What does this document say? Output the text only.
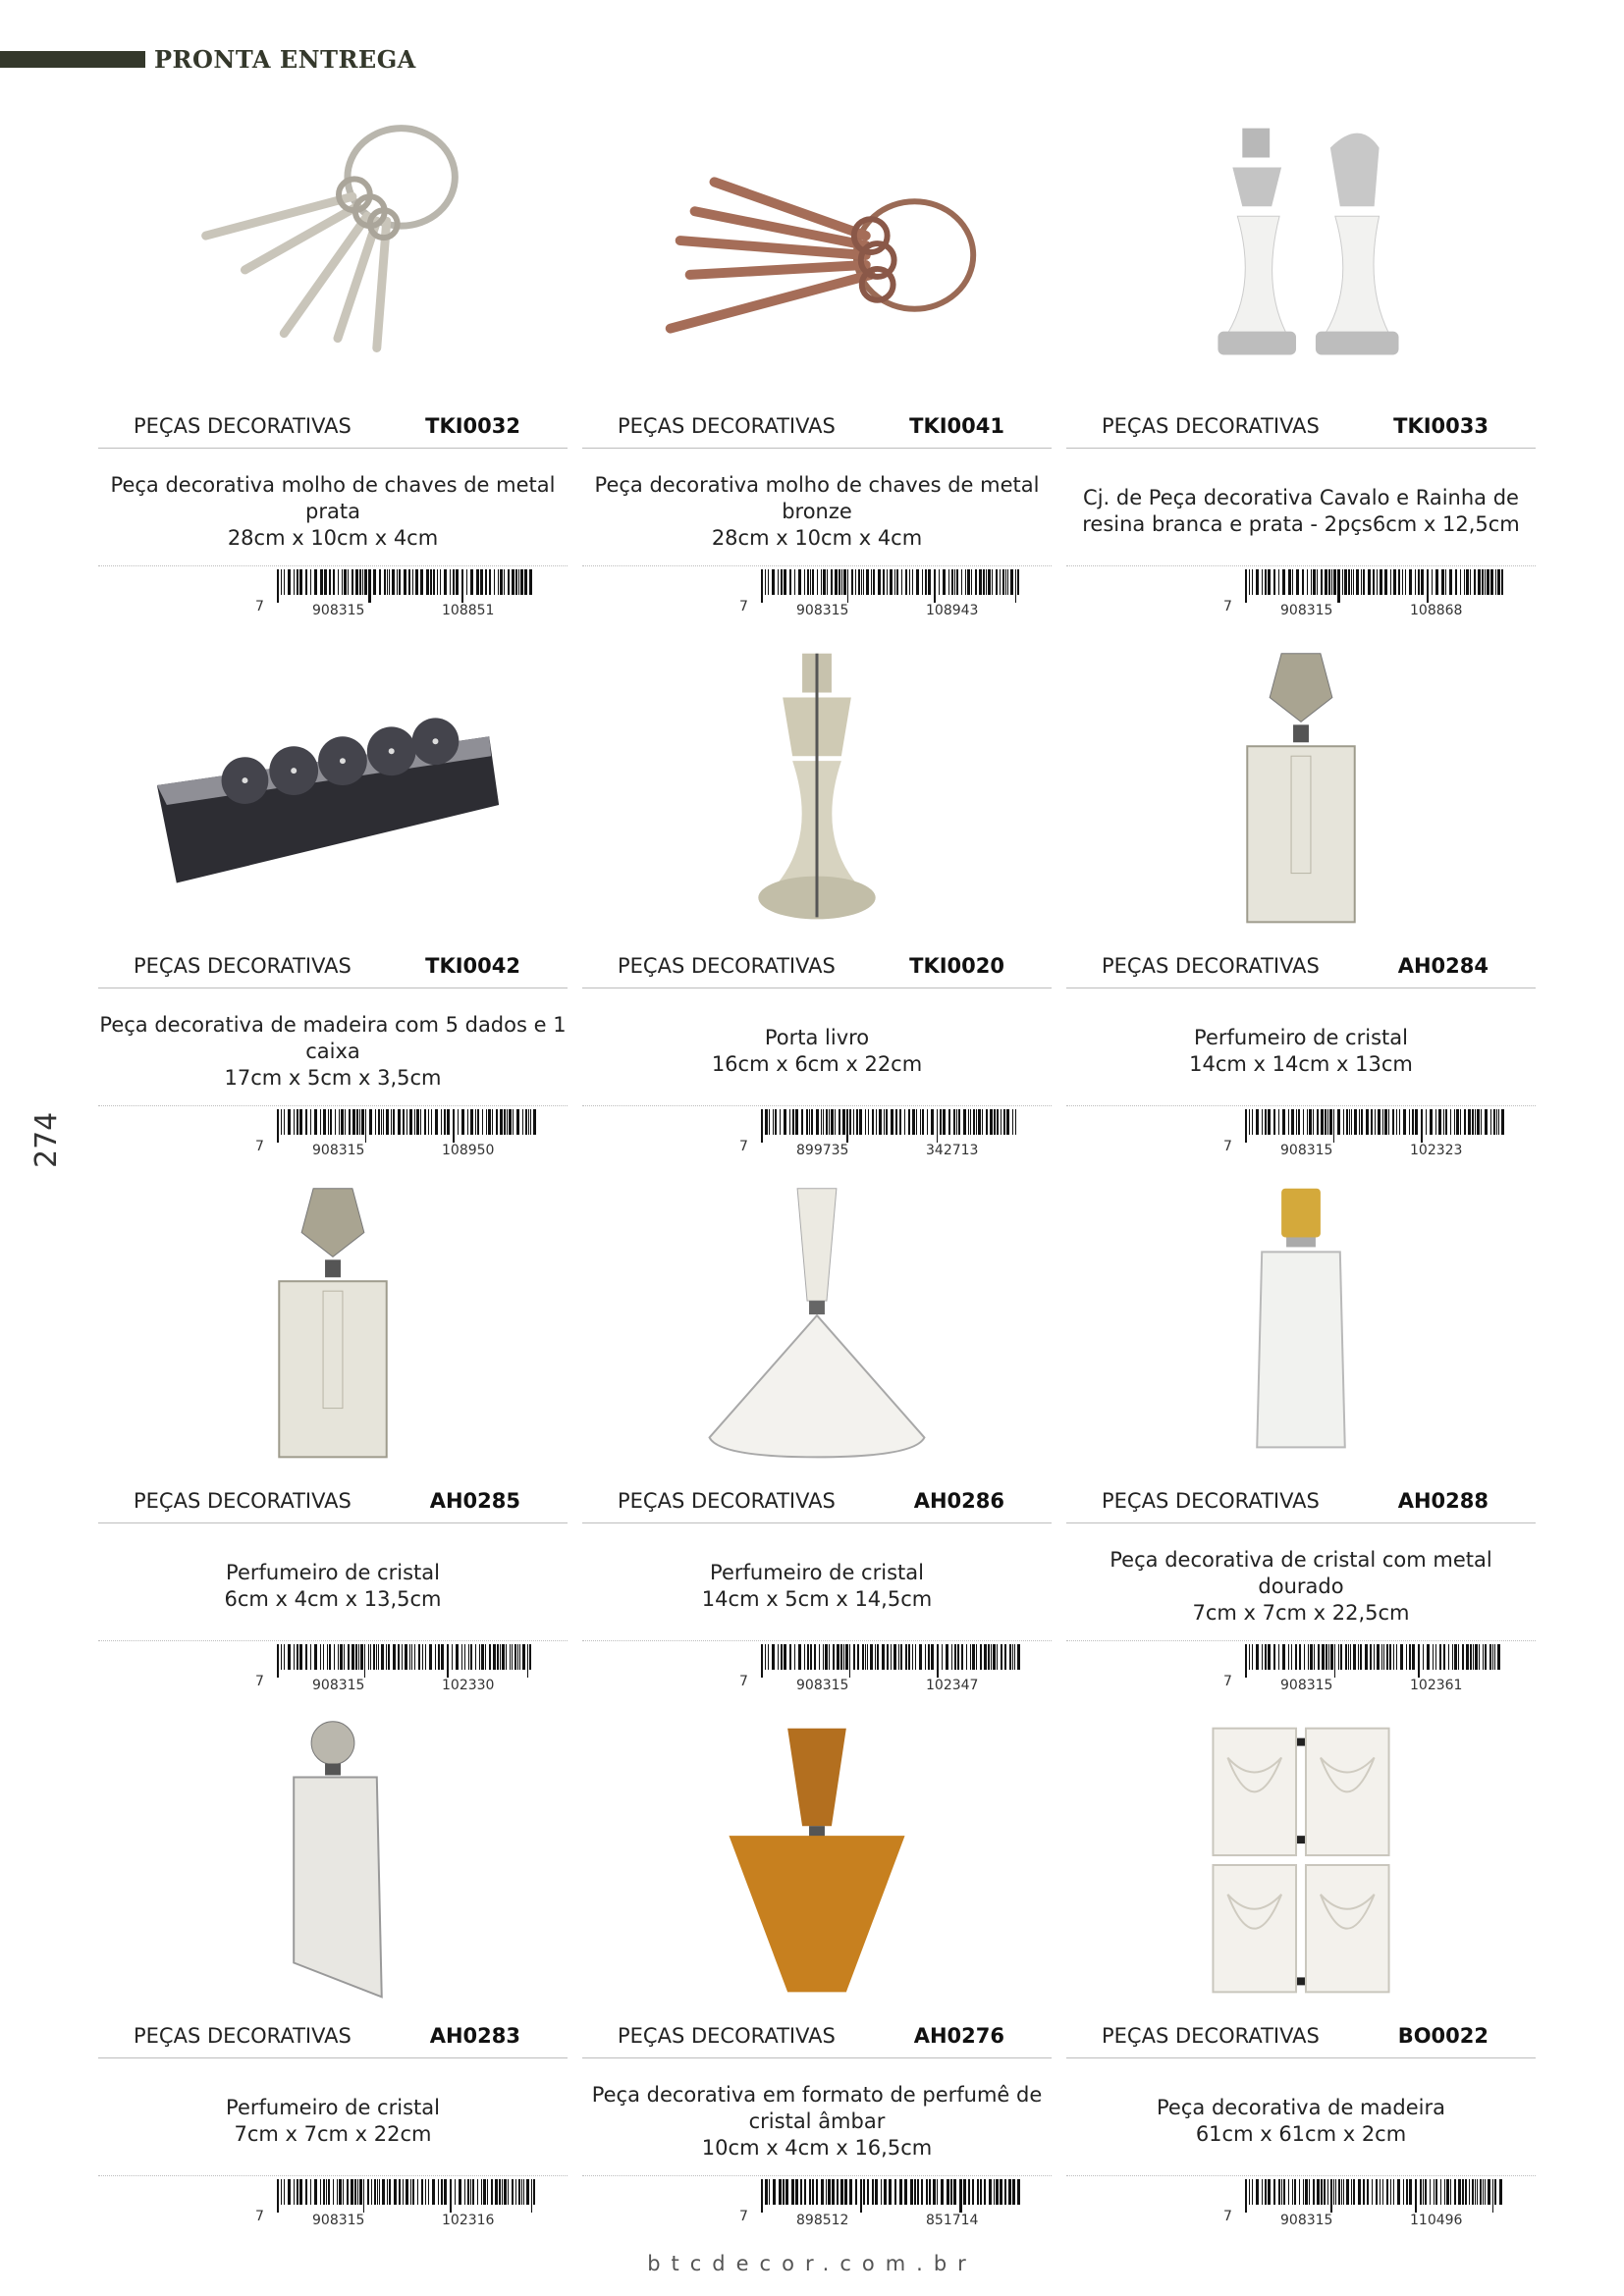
PRONTA ENTREGA
274
btcdecor.com.br
PEÇAS DECORATIVAS	TKI0032
Peça decorativa molho de chaves de metal prata
28cm x 10cm x 4cm
7	908315	108851
PEÇAS DECORATIVAS	TKI0041
Peça decorativa molho de chaves de metal bronze
28cm x 10cm x 4cm
7	908315	108943
PEÇAS DECORATIVAS	TKI0033
Cj. de Peça decorativa Cavalo e Rainha de resina branca e prata - 2pçs6cm x 12,5cm
7	908315	108868
PEÇAS DECORATIVAS	TKI0042
Peça decorativa de madeira com 5 dados e 1 caixa
17cm x 5cm x 3,5cm
7	908315	108950
PEÇAS DECORATIVAS	TKI0020
Porta livro
16cm x 6cm x 22cm
7	899735	342713
PEÇAS DECORATIVAS	AH0284
Perfumeiro de cristal
14cm x 14cm x 13cm
7	908315	102323
PEÇAS DECORATIVAS	AH0285
Perfumeiro de cristal
6cm x 4cm x 13,5cm
7	908315	102330
PEÇAS DECORATIVAS	AH0286
Perfumeiro de cristal
14cm x 5cm x 14,5cm
7	908315	102347
PEÇAS DECORATIVAS	AH0288
Peça decorativa de cristal com metal dourado
7cm x 7cm x 22,5cm
7	908315	102361
PEÇAS DECORATIVAS	AH0283
Perfumeiro de cristal
7cm x 7cm x 22cm
7	908315	102316
PEÇAS DECORATIVAS	AH0276
Peça decorativa em formato de perfumê de cristal âmbar
10cm x 4cm x 16,5cm
7	898512	851714
PEÇAS DECORATIVAS	BO0022
Peça decorativa de madeira
61cm x 61cm x 2cm
7	908315	110496
